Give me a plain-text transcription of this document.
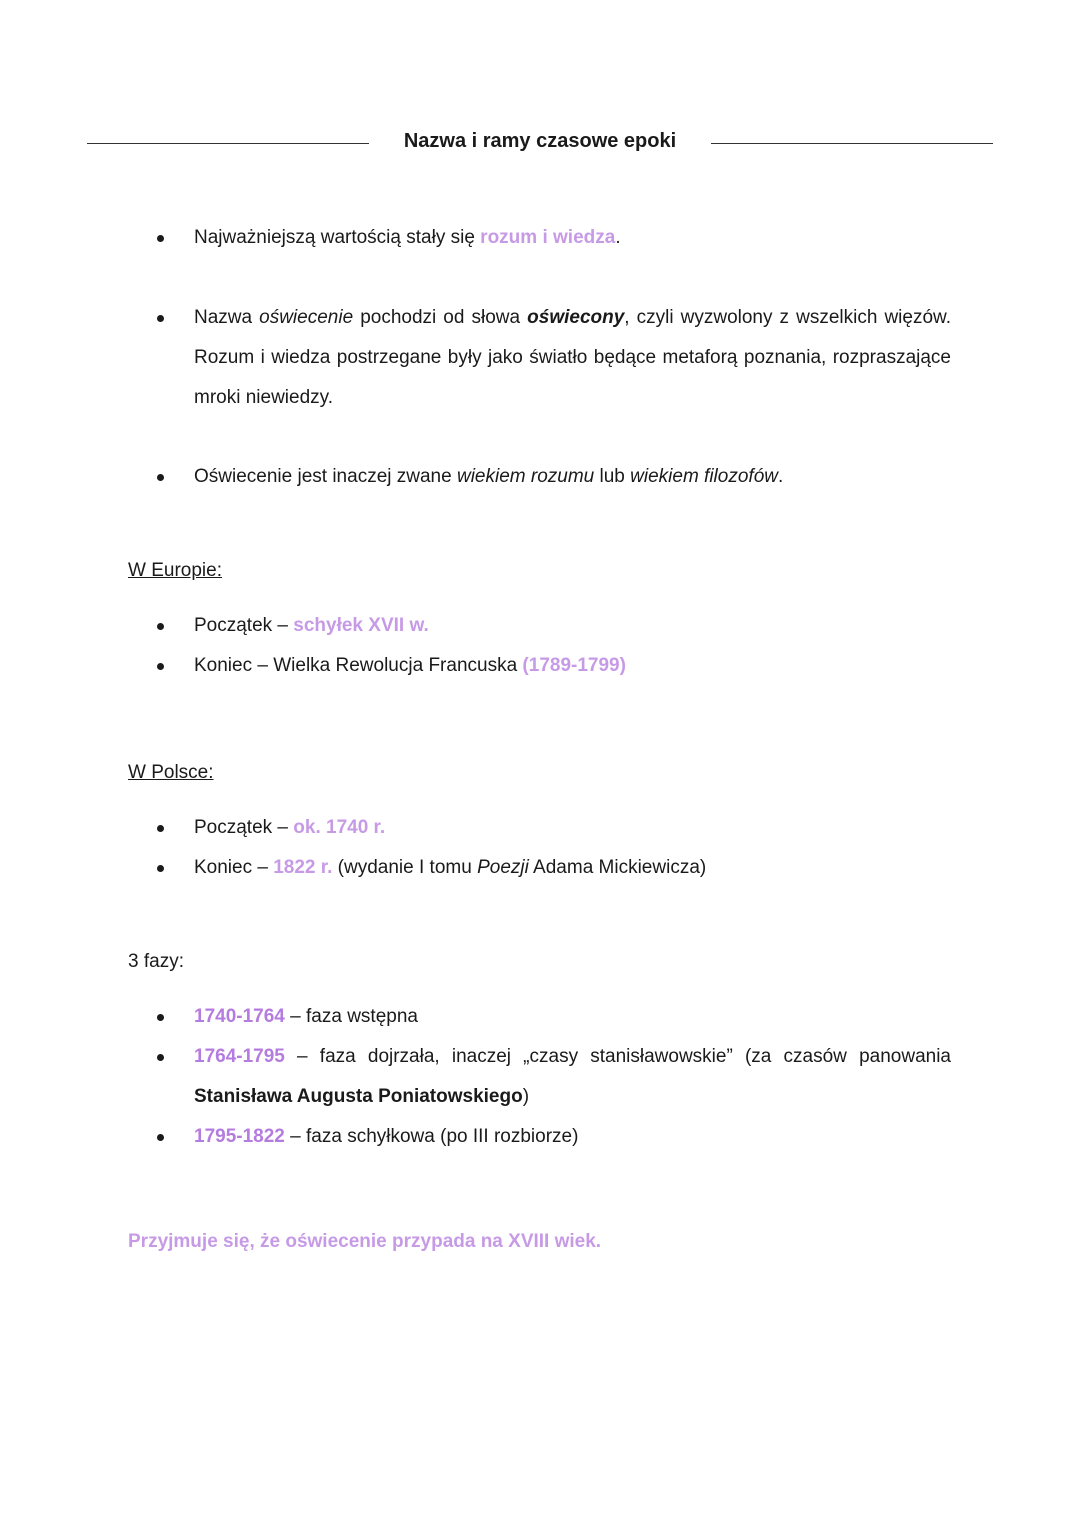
Nazwa i ramy czasowe epoki
Najważniejszą wartością stały się rozum i wiedza.
Nazwa oświecenie pochodzi od słowa oświecony, czyli wyzwolony z wszelkich więzów. Rozum i wiedza postrzegane były jako światło będące metaforą poznania, rozpraszające mroki niewiedzy.
Oświecenie jest inaczej zwane wiekiem rozumu lub wiekiem filozofów.
W Europie:
Początek – schyłek XVII w.
Koniec – Wielka Rewolucja Francuska (1789-1799)
W Polsce:
Początek – ok. 1740 r.
Koniec – 1822 r. (wydanie I tomu Poezji Adama Mickiewicza)
3 fazy:
1740-1764 – faza wstępna
1764-1795 – faza dojrzała, inaczej „czasy stanisławowskie” (za czasów panowania Stanisława Augusta Poniatowskiego)
1795-1822 – faza schyłkowa (po III rozbiorze)
Przyjmuje się, że oświecenie przypada na XVIII wiek.
